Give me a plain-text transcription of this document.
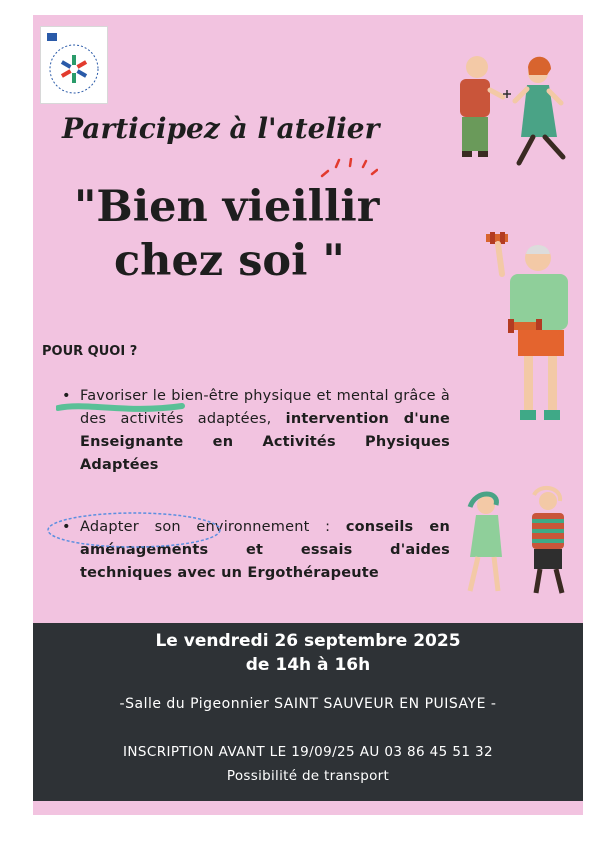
Participez à l'atelier
"Bien vieillir
chez soi "
POUR QUOI ?
• Favoriser le bien-être physique et mental grâce à des activités adaptées, intervention d'une Enseignante en Activités Physiques Adaptées
• Adapter son environnement : conseils en aménagements et essais d'aides techniques avec un Ergothérapeute
Le vendredi 26 septembre 2025
de 14h à 16h
-Salle du Pigeonnier SAINT SAUVEUR EN PUISAYE -
INSCRIPTION AVANT LE 19/09/25 AU 03 86 45 51 32
Possibilité de transport
